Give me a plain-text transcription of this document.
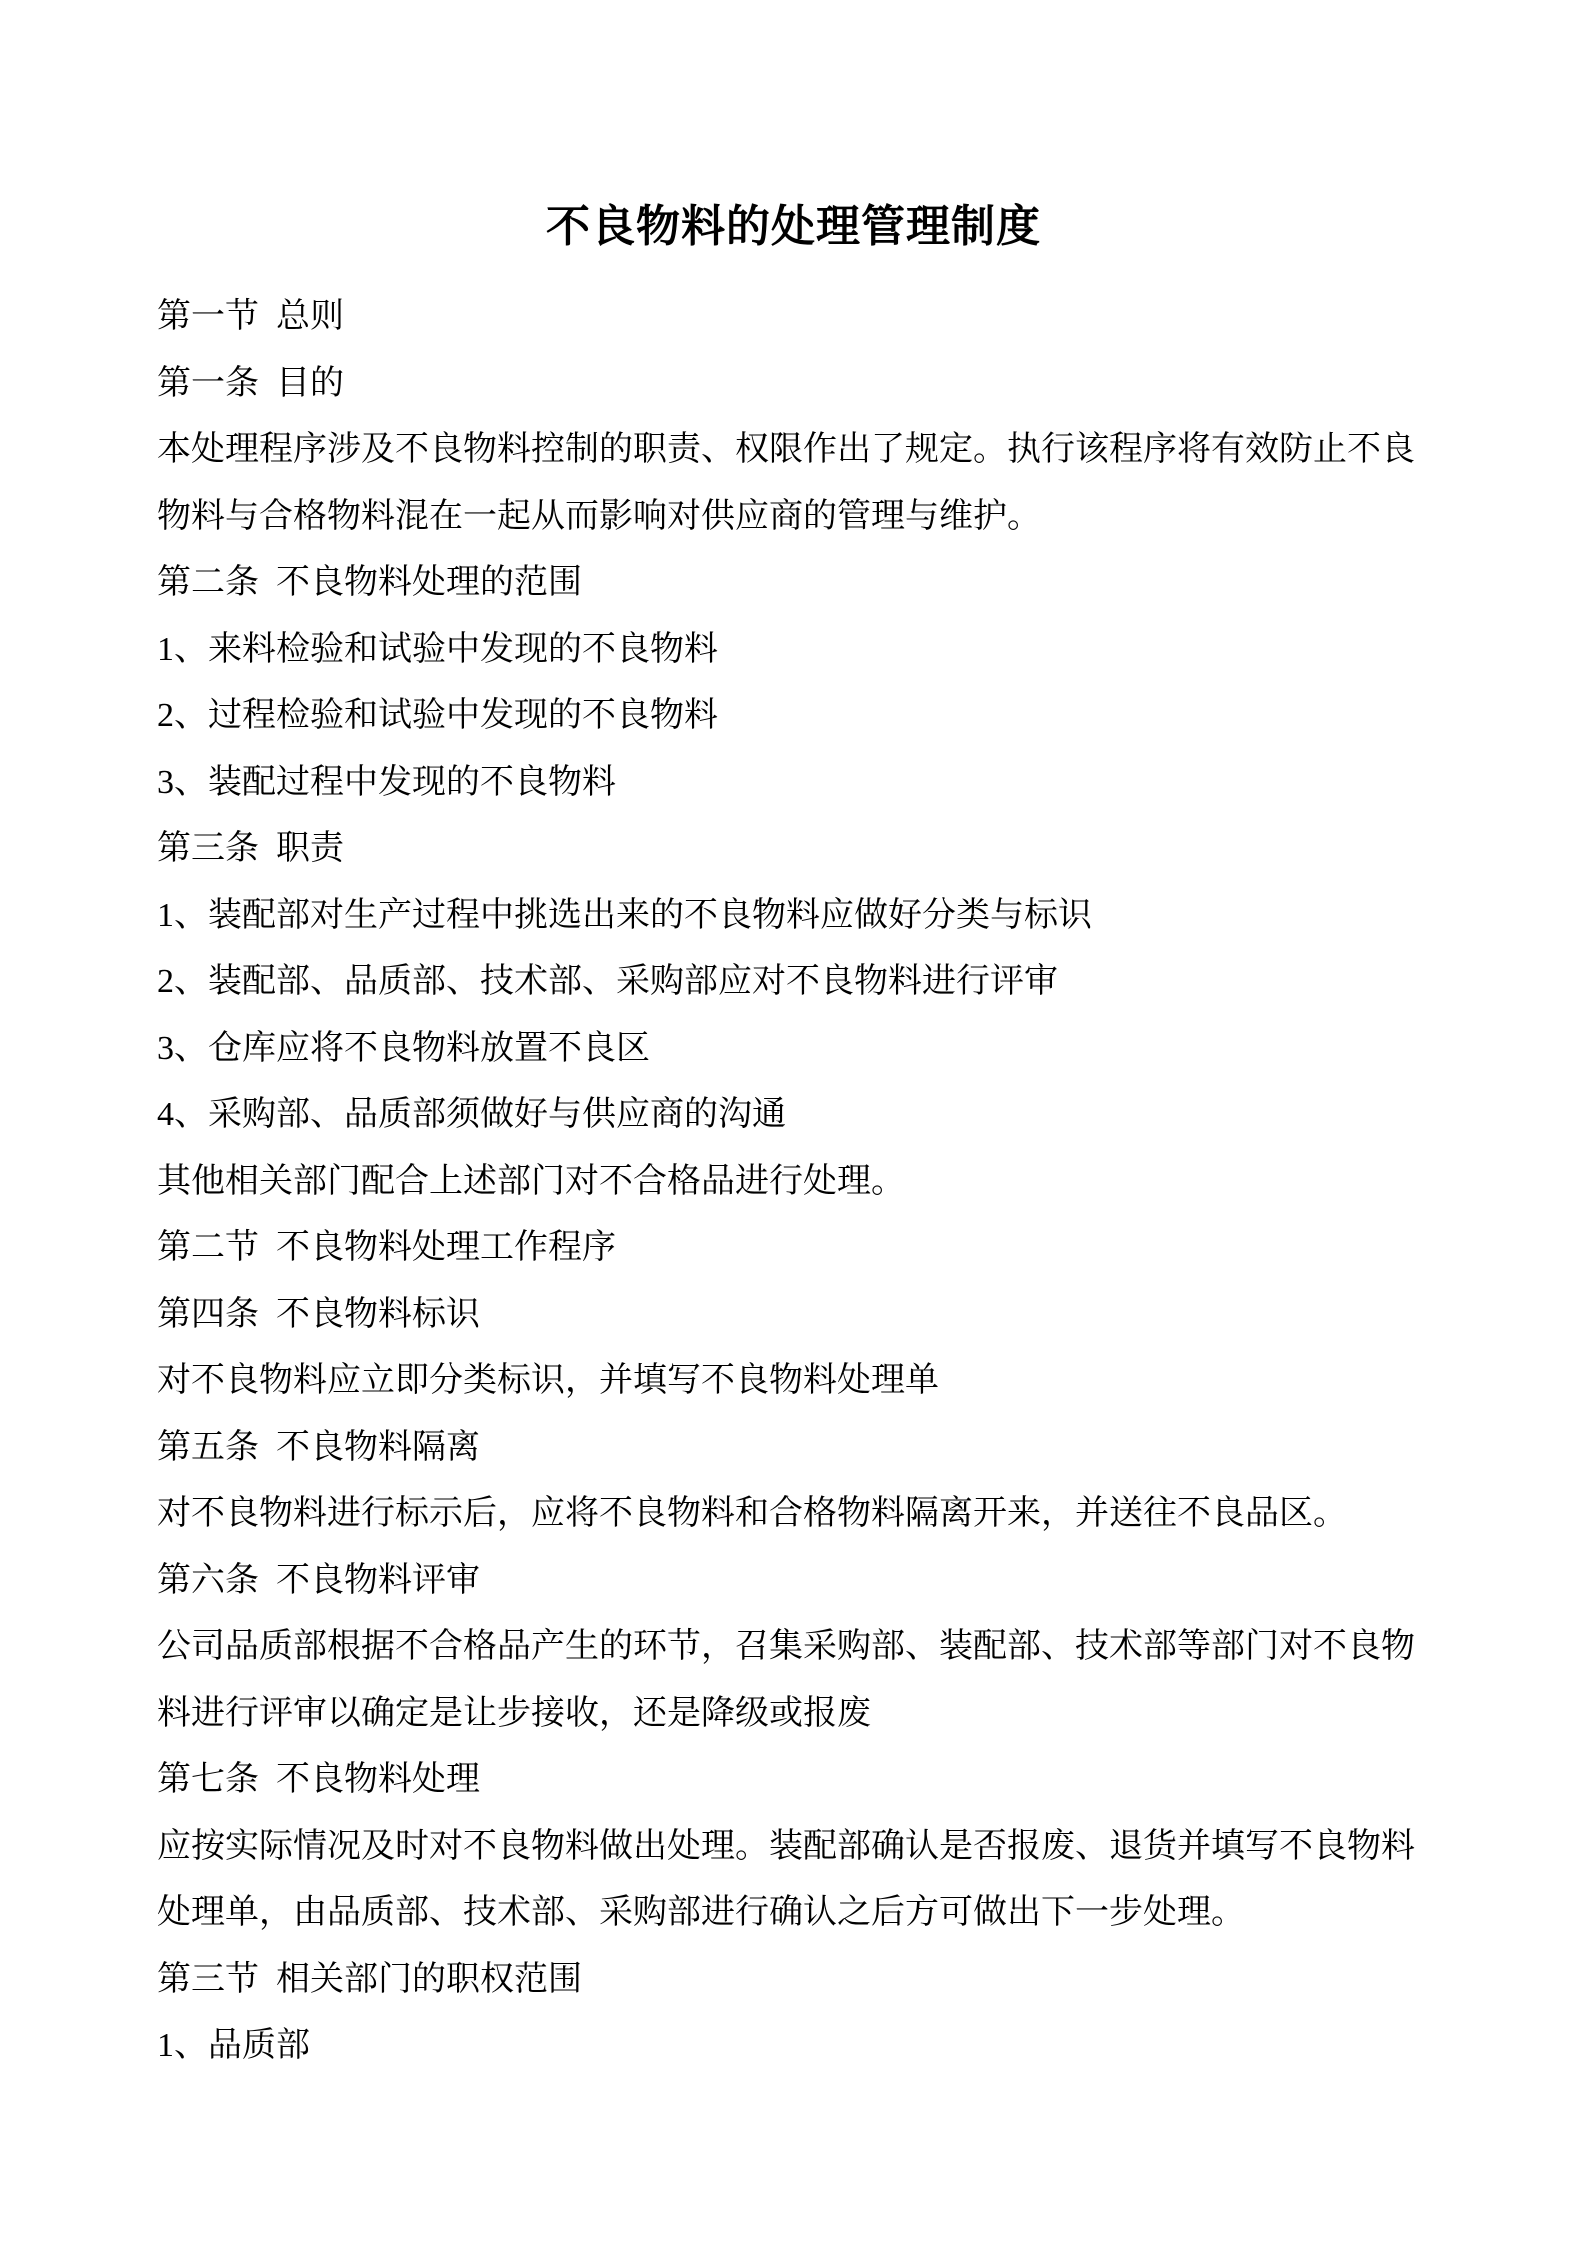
不良物料的处理管理制度
第一节 总则
第一条 目的
本处理程序涉及不良物料控制的职责、权限作出了规定。执行该程序将有效防止不良
物料与合格物料混在一起从而影响对供应商的管理与维护。
第二条 不良物料处理的范围
1、来料检验和试验中发现的不良物料
2、过程检验和试验中发现的不良物料
3、装配过程中发现的不良物料
第三条 职责
1、装配部对生产过程中挑选出来的不良物料应做好分类与标识
2、装配部、品质部、技术部、采购部应对不良物料进行评审
3、仓库应将不良物料放置不良区
4、采购部、品质部须做好与供应商的沟通
其他相关部门配合上述部门对不合格品进行处理。
第二节 不良物料处理工作程序
第四条 不良物料标识
对不良物料应立即分类标识，并填写不良物料处理单
第五条 不良物料隔离
对不良物料进行标示后，应将不良物料和合格物料隔离开来，并送往不良品区。
第六条 不良物料评审
公司品质部根据不合格品产生的环节，召集采购部、装配部、技术部等部门对不良物
料进行评审以确定是让步接收，还是降级或报废
第七条 不良物料处理
应按实际情况及时对不良物料做出处理。装配部确认是否报废、退货并填写不良物料
处理单，由品质部、技术部、采购部进行确认之后方可做出下一步处理。
第三节 相关部门的职权范围
1、品质部
